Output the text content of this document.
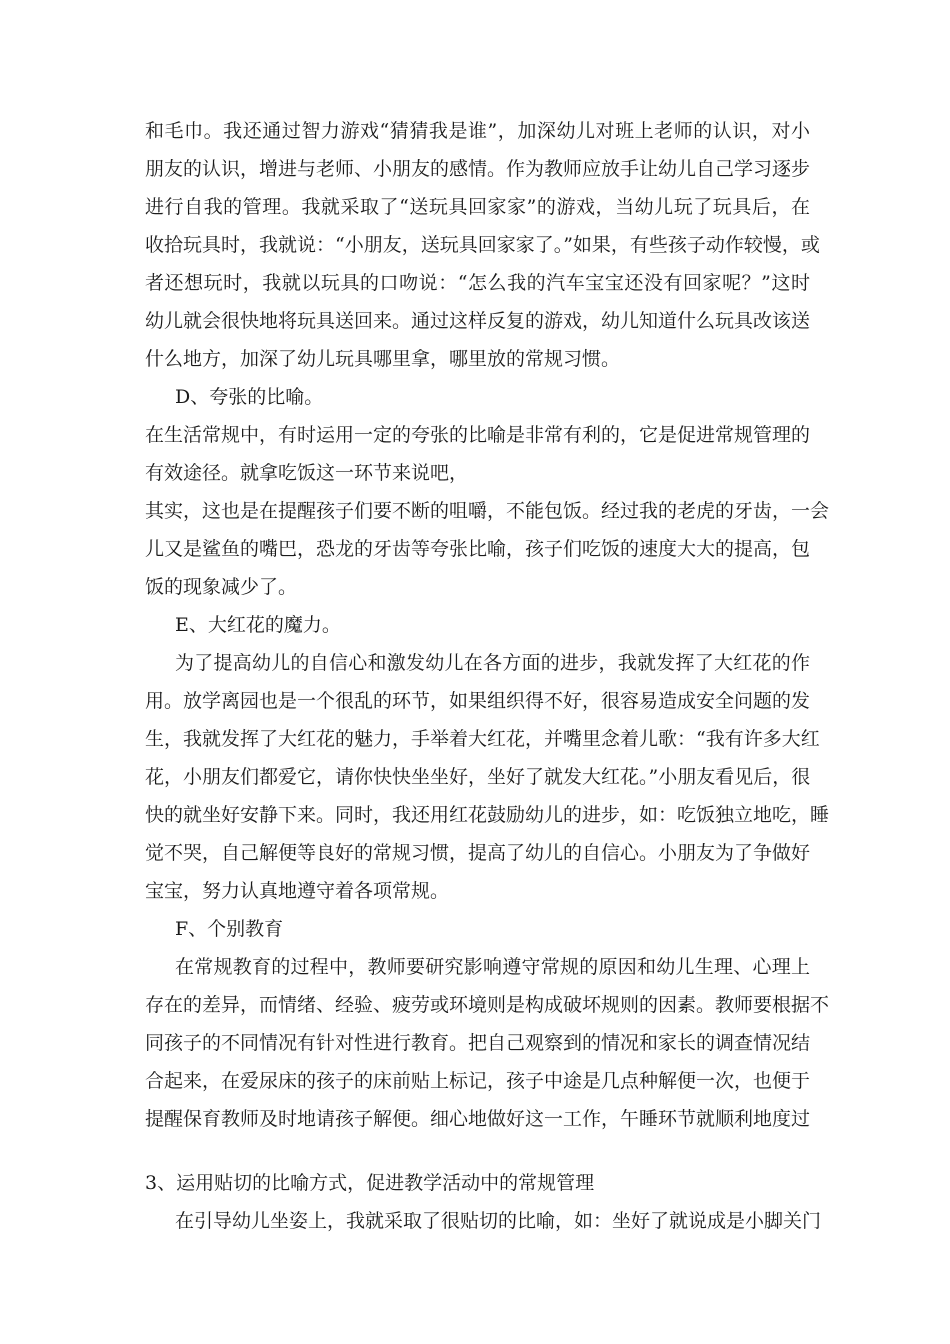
和毛巾。我还通过智力游戏“猜猜我是谁”，加深幼儿对班上老师的认识，对小
朋友的认识，增进与老师、小朋友的感情。作为教师应放手让幼儿自己学习逐步
进行自我的管理。我就采取了“送玩具回家家”的游戏，当幼儿玩了玩具后，在
收拾玩具时，我就说：“小朋友，送玩具回家家了。”如果，有些孩子动作较慢，或
者还想玩时，我就以玩具的口吻说：“怎么我的汽车宝宝还没有回家呢？”这时
幼儿就会很快地将玩具送回来。通过这样反复的游戏，幼儿知道什么玩具改该送
什么地方，加深了幼儿玩具哪里拿，哪里放的常规习惯。
D、夸张的比喻。
在生活常规中，有时运用一定的夸张的比喻是非常有利的，它是促进常规管理的
有效途径。就拿吃饭这一环节来说吧，
其实，这也是在提醒孩子们要不断的咀嚼，不能包饭。经过我的老虎的牙齿，一会
儿又是鲨鱼的嘴巴，恐龙的牙齿等夸张比喻，孩子们吃饭的速度大大的提高，包
饭的现象减少了。
E、大红花的魔力。
为了提高幼儿的自信心和激发幼儿在各方面的进步，我就发挥了大红花的作
用。放学离园也是一个很乱的环节，如果组织得不好，很容易造成安全问题的发
生，我就发挥了大红花的魅力，手举着大红花，并嘴里念着儿歌：“我有许多大红
花，小朋友们都爱它，请你快快坐坐好，坐好了就发大红花。”小朋友看见后，很
快的就坐好安静下来。同时，我还用红花鼓励幼儿的进步，如：吃饭独立地吃，睡
觉不哭，自己解便等良好的常规习惯，提高了幼儿的自信心。小朋友为了争做好
宝宝，努力认真地遵守着各项常规。
F、个别教育
在常规教育的过程中，教师要研究影响遵守常规的原因和幼儿生理、心理上
存在的差异，而情绪、经验、疲劳或环境则是构成破坏规则的因素。教师要根据不
同孩子的不同情况有针对性进行教育。把自己观察到的情况和家长的调查情况结
合起来，在爱尿床的孩子的床前贴上标记，孩子中途是几点种解便一次，也便于
提醒保育教师及时地请孩子解便。细心地做好这一工作，午睡环节就顺利地度过
3、运用贴切的比喻方式，促进教学活动中的常规管理
在引导幼儿坐姿上，我就采取了很贴切的比喻，如：坐好了就说成是小脚关门
